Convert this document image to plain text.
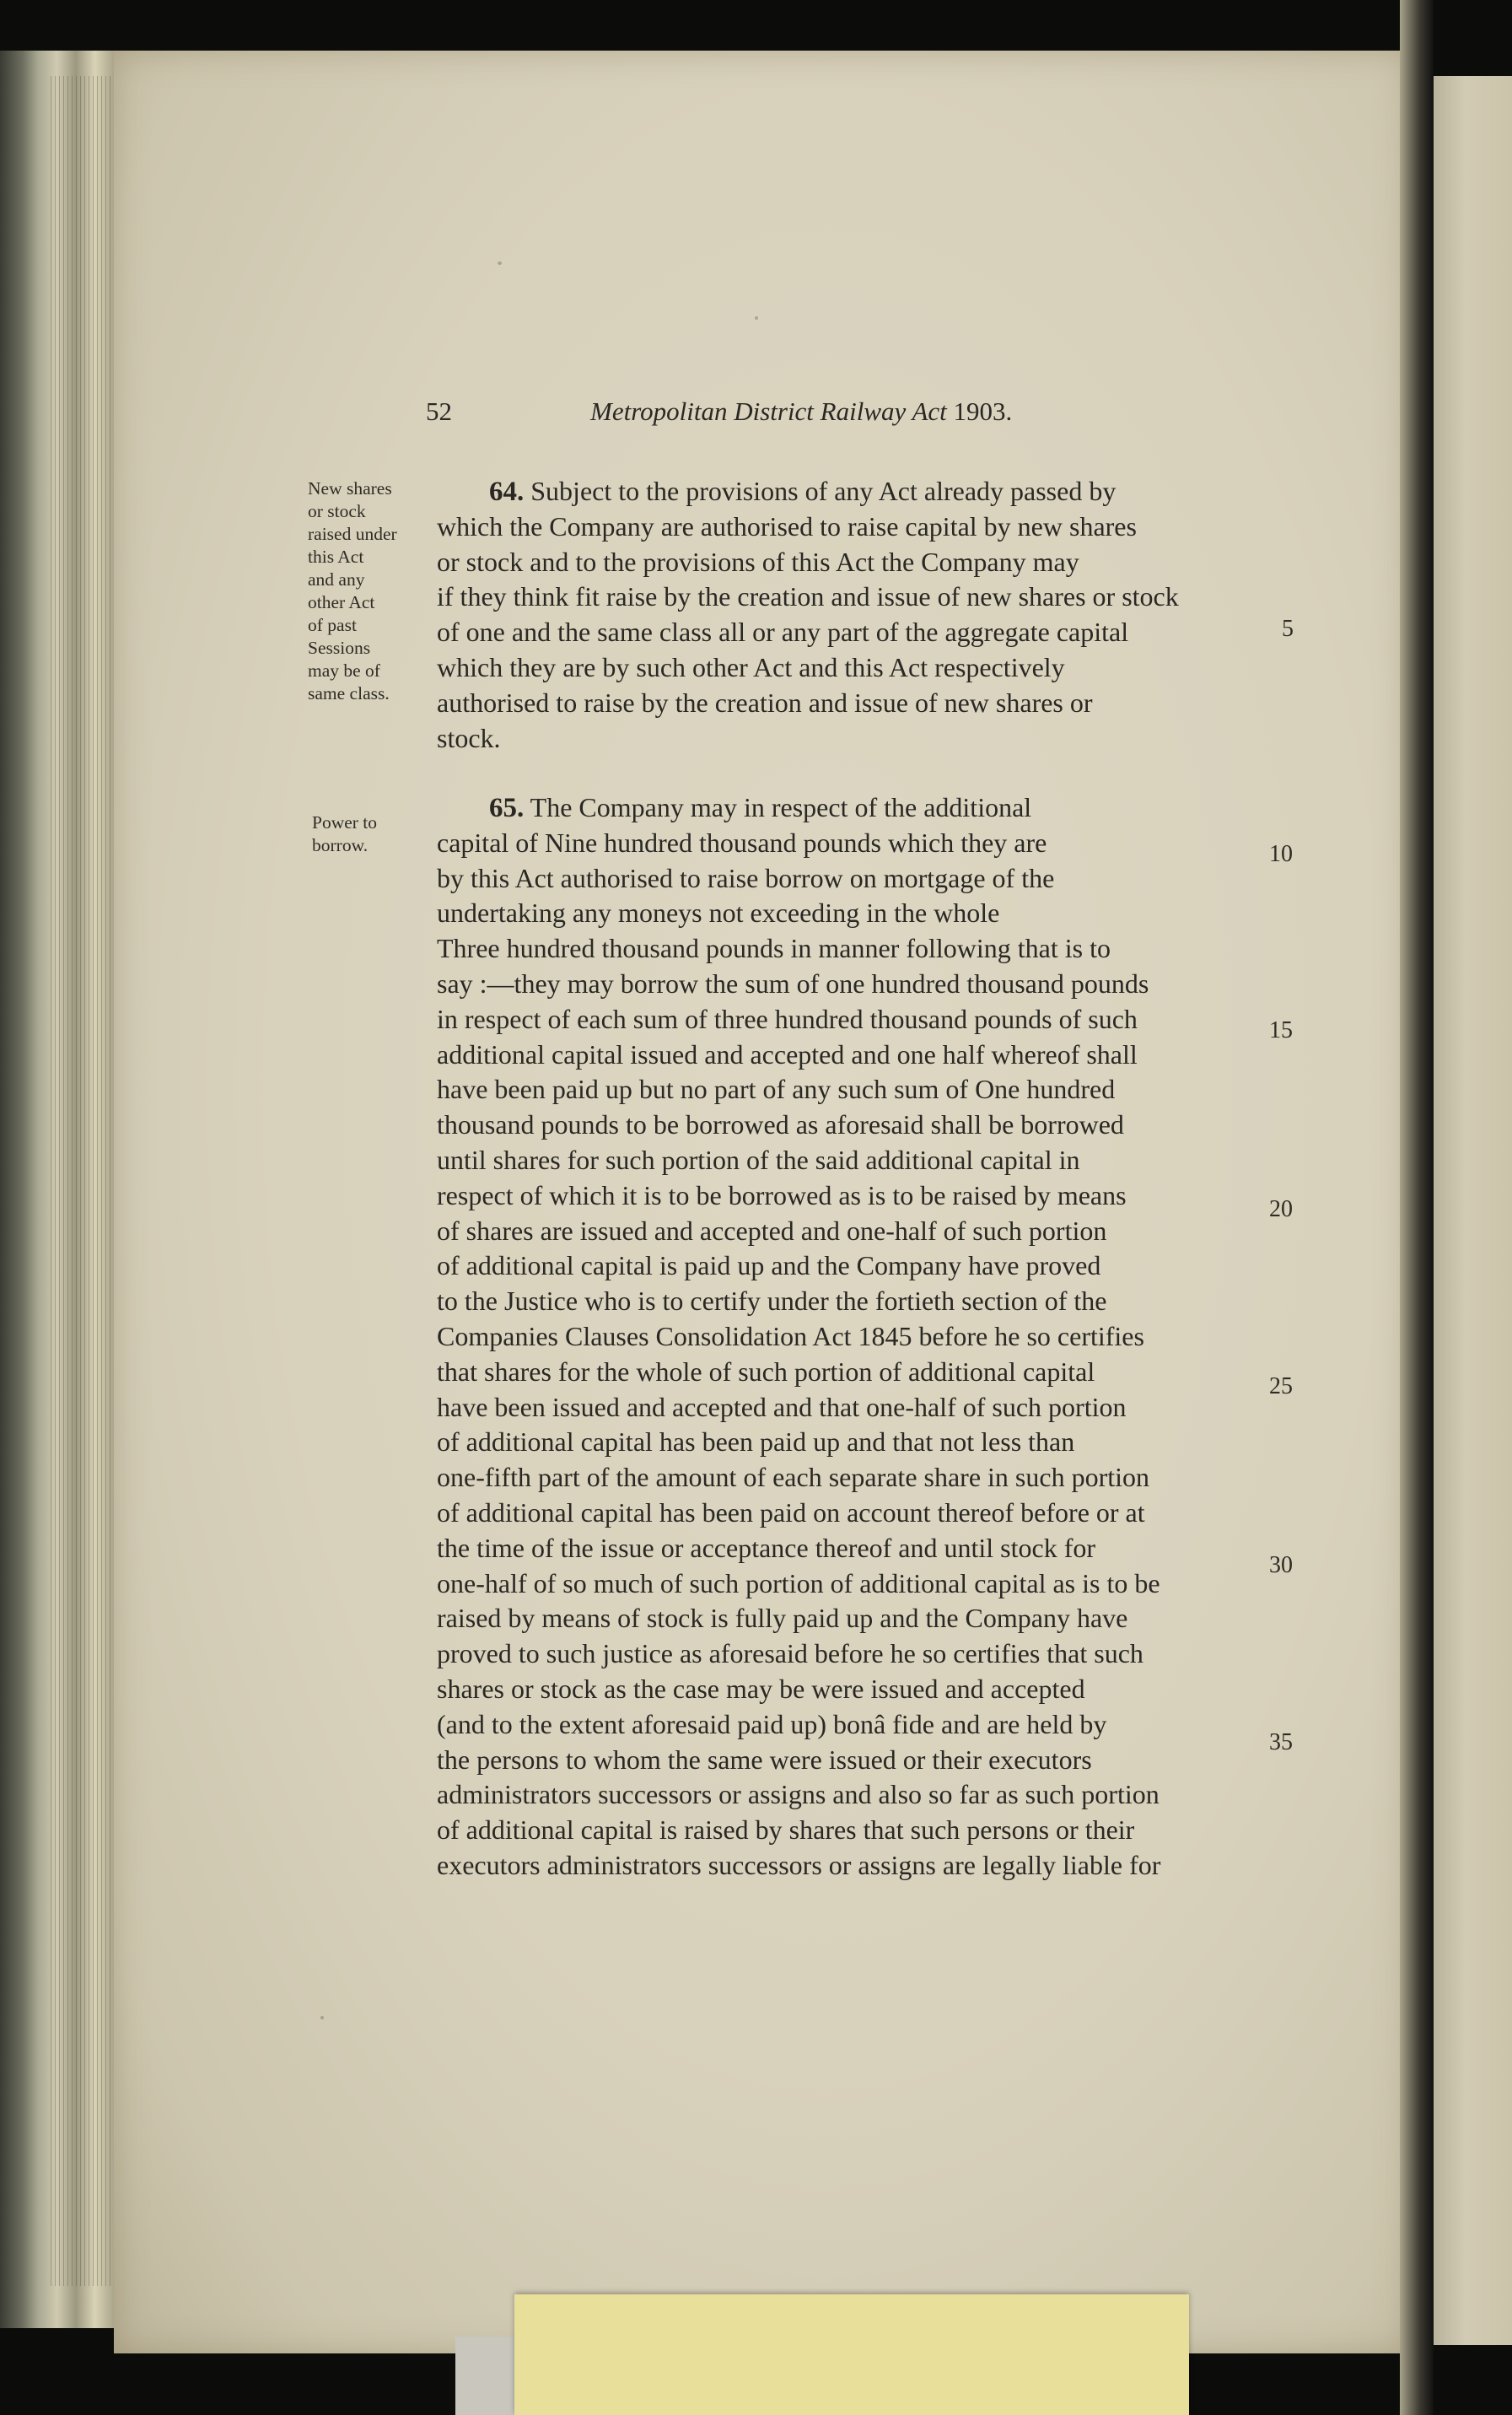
52	Metropolitan District Railway Act 1903.
New shares
or stock
raised under
this Act
and any
other Act
of past
Sessions
may be of
same class.
64. Subject to the provisions of any Act already passed by
which the Company are authorised to raise capital by new shares
or stock and to the provisions of this Act the Company may
if they think fit raise by the creation and issue of new shares or stock
of one and the same class all or any part of the aggregate capital
which they are by such other Act and this Act respectively
authorised to raise by the creation and issue of new shares or
stock.
Power to
borrow.
65. The Company may in respect of the additional
capital of Nine hundred thousand pounds which they are
by this Act authorised to raise borrow on mortgage of the
undertaking any moneys not exceeding in the whole
Three hundred thousand pounds in manner following that is to
say :—they may borrow the sum of one hundred thousand pounds
in respect of each sum of three hundred thousand pounds of such
additional capital issued and accepted and one half whereof shall
have been paid up but no part of any such sum of One hundred
thousand pounds to be borrowed as aforesaid shall be borrowed
until shares for such portion of the said additional capital in
respect of which it is to be borrowed as is to be raised by means
of shares are issued and accepted and one-half of such portion
of additional capital is paid up and the Company have proved
to the Justice who is to certify under the fortieth section of the
Companies Clauses Consolidation Act 1845 before he so certifies
that shares for the whole of such portion of additional capital
have been issued and accepted and that one-half of such portion
of additional capital has been paid up and that not less than
one-fifth part of the amount of each separate share in such portion
of additional capital has been paid on account thereof before or at
the time of the issue or acceptance thereof and until stock for
one-half of so much of such portion of additional capital as is to be
raised by means of stock is fully paid up and the Company have
proved to such justice as aforesaid before he so certifies that such
shares or stock as the case may be were issued and accepted
(and to the extent aforesaid paid up) bonâ fide and are held by
the persons to whom the same were issued or their executors
administrators successors or assigns and also so far as such portion
of additional capital is raised by shares that such persons or their
executors administrators successors or assigns are legally liable for
5
10
15
20
25
30
35
